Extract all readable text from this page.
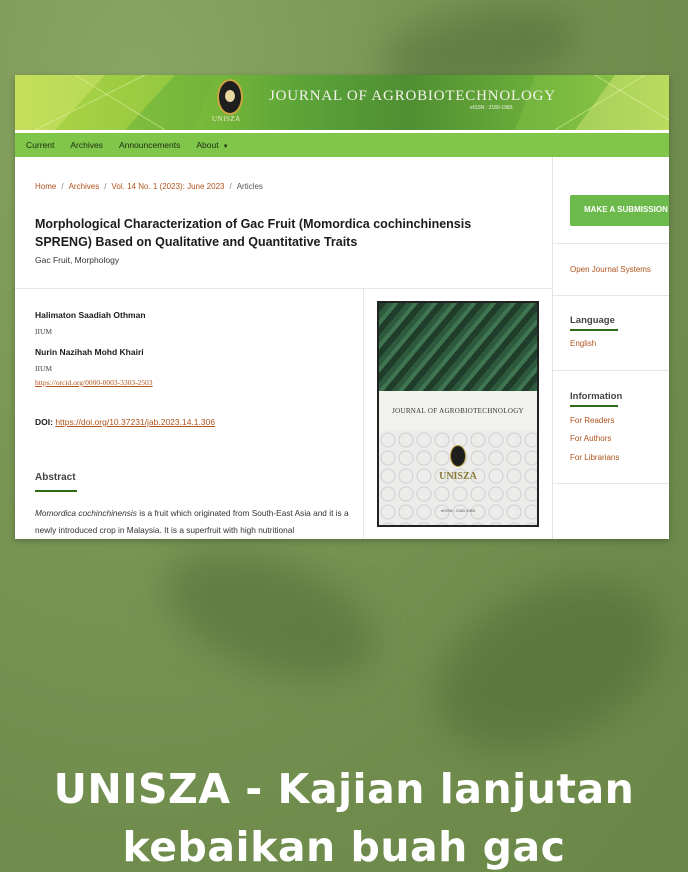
UNISZA
JOURNAL OF AGROBIOTECHNOLOGY
eISSN : 2180-1983
Current Archives Announcements About ▼
Home / Archives / Vol. 14 No. 1 (2023): June 2023 / Articles
Morphological Characterization of Gac Fruit (Momordica cochinchinensis SPRENG) Based on Qualitative and Quantitative Traits
Gac Fruit, Morphology
Halimaton Saadiah Othman
IIUM
Nurin Nazihah Mohd Khairi
IIUM
https://orcid.org/0000-0003-3303-2503
DOI: https://doi.org/10.37231/jab.2023.14.1.306
Abstract
Momordica cochinchinensis is a fruit which originated from South-East Asia and it is a newly introduced crop in Malaysia. It is a superfruit with high nutritional
JOURNAL OF AGROBIOTECHNOLOGY
UNISZA
eISSN : 2180-1983
MAKE A SUBMISSION
Open Journal Systems
Language
English
Information
For Readers
For Authors
For Librarians
UNISZA - Kajian lanjutan
kebaikan buah gac
